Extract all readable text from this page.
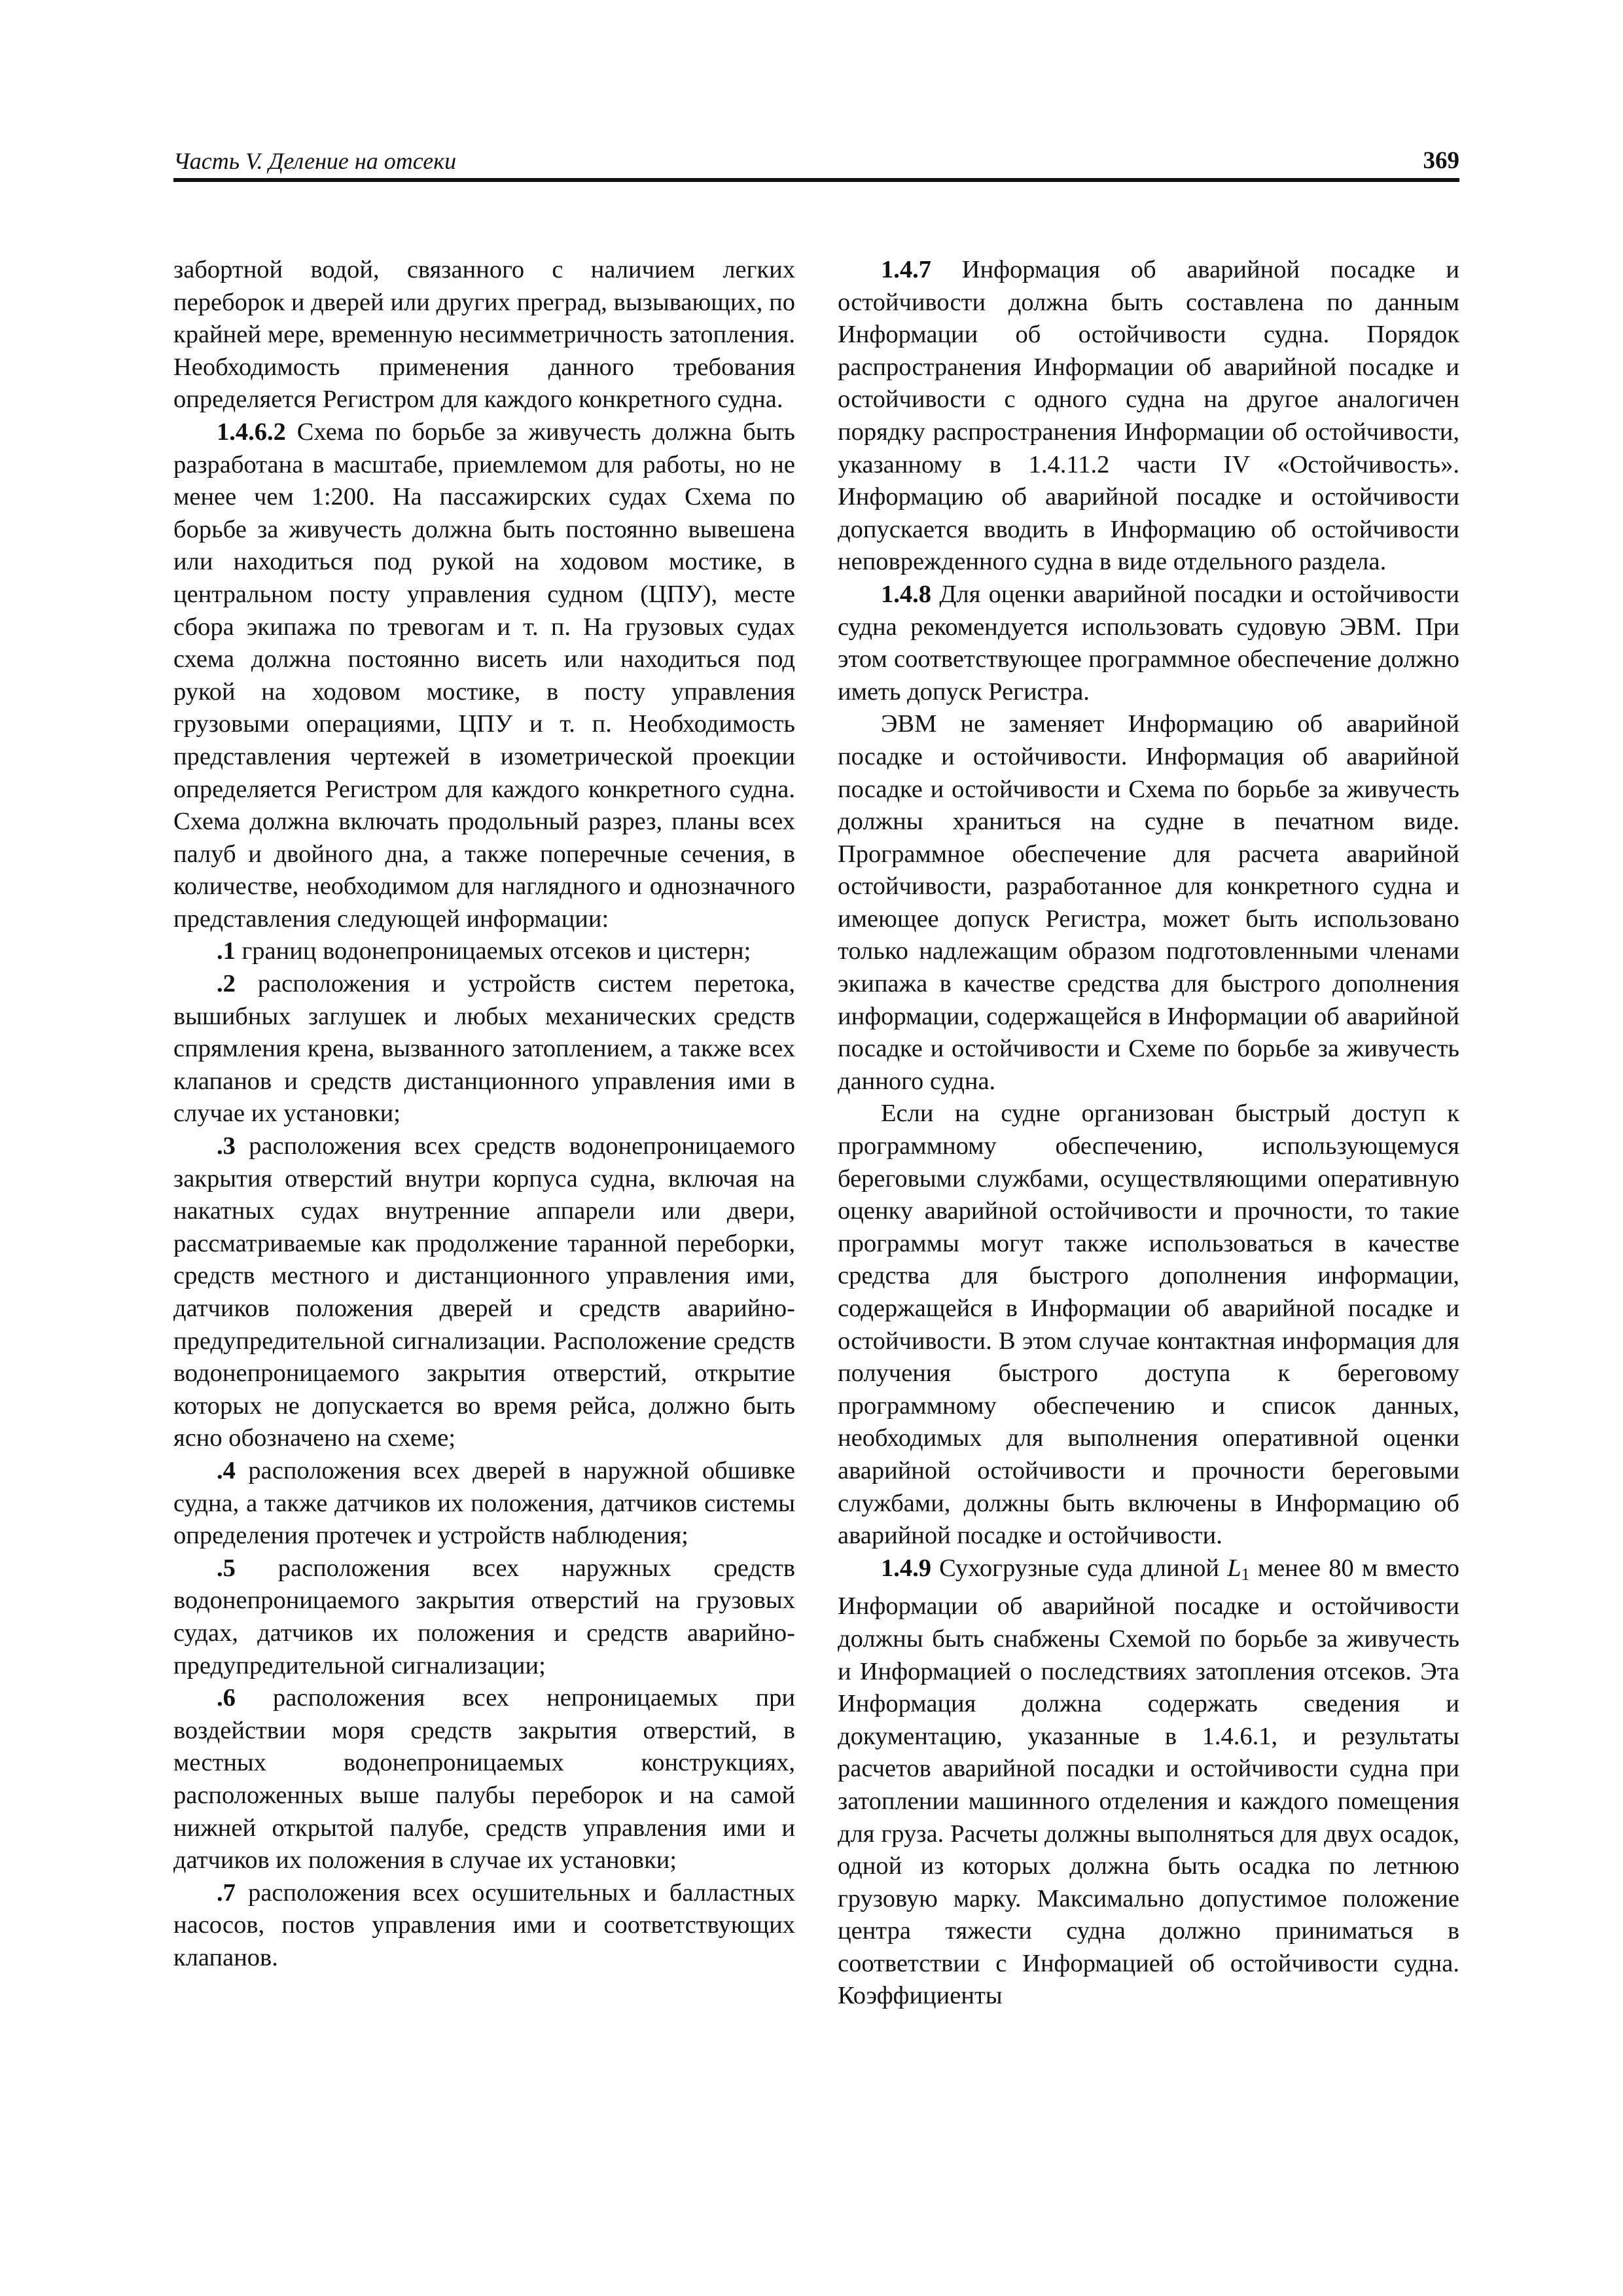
Часть V. Деление на отсеки	369

забортной водой, связанного с наличием легких переборок и дверей или других преград, вызывающих, по крайней мере, временную несимметричность затопления. Необходимость применения данного требования определяется Регистром для каждого конкретного судна.

1.4.6.2 Схема по борьбе за живучесть должна быть разработана в масштабе, приемлемом для работы, но не менее чем 1:200. На пассажирских судах Схема по борьбе за живучесть должна быть постоянно вывешена или находиться под рукой на ходовом мостике, в центральном посту управления судном (ЦПУ), месте сбора экипажа по тревогам и т. п. На грузовых судах схема должна постоянно висеть или находиться под рукой на ходовом мостике, в посту управления грузовыми операциями, ЦПУ и т. п. Необходимость представления чертежей в изометрической проекции определяется Регистром для каждого конкретного судна. Схема должна включать продольный разрез, планы всех палуб и двойного дна, а также поперечные сечения, в количестве, необходимом для наглядного и однозначного представления следующей информации:

.1 границ водонепроницаемых отсеков и цистерн;

.2 расположения и устройств систем перетока, вышибных заглушек и любых механических средств спрямления крена, вызванного затоплением, а также всех клапанов и средств дистанционного управления ими в случае их установки;

.3 расположения всех средств водонепроницаемого закрытия отверстий внутри корпуса судна, включая на накатных судах внутренние аппарели или двери, рассматриваемые как продолжение таранной переборки, средств местного и дистанционного управления ими, датчиков положения дверей и средств аварийно-предупредительной сигнализации. Расположение средств водонепроницаемого закрытия отверстий, открытие которых не допускается во время рейса, должно быть ясно обозначено на схеме;

.4 расположения всех дверей в наружной обшивке судна, а также датчиков их положения, датчиков системы определения протечек и устройств наблюдения;

.5 расположения всех наружных средств водонепроницаемого закрытия отверстий на грузовых судах, датчиков их положения и средств аварийно-предупредительной сигнализации;

.6 расположения всех непроницаемых при воздействии моря средств закрытия отверстий, в местных водонепроницаемых конструкциях, расположенных выше палубы переборок и на самой нижней открытой палубе, средств управления ими и датчиков их положения в случае их установки;

.7 расположения всех осушительных и балластных насосов, постов управления ими и соответствующих клапанов.

1.4.7 Информация об аварийной посадке и остойчивости должна быть составлена по данным Информации об остойчивости судна. Порядок распространения Информации об аварийной посадке и остойчивости с одного судна на другое аналогичен порядку распространения Информации об остойчивости, указанному в 1.4.11.2 части IV «Остойчивость». Информацию об аварийной посадке и остойчивости допускается вводить в Информацию об остойчивости неповрежденного судна в виде отдельного раздела.

1.4.8 Для оценки аварийной посадки и остойчивости судна рекомендуется использовать судовую ЭВМ. При этом соответствующее программное обеспечение должно иметь допуск Регистра.

ЭВМ не заменяет Информацию об аварийной посадке и остойчивости. Информация об аварийной посадке и остойчивости и Схема по борьбе за живучесть должны храниться на судне в печатном виде. Программное обеспечение для расчета аварийной остойчивости, разработанное для конкретного судна и имеющее допуск Регистра, может быть использовано только надлежащим образом подготовленными членами экипажа в качестве средства для быстрого дополнения информации, содержащейся в Информации об аварийной посадке и остойчивости и Схеме по борьбе за живучесть данного судна.

Если на судне организован быстрый доступ к программному обеспечению, использующемуся береговыми службами, осуществляющими оперативную оценку аварийной остойчивости и прочности, то такие программы могут также использоваться в качестве средства для быстрого дополнения информации, содержащейся в Информации об аварийной посадке и остойчивости. В этом случае контактная информация для получения быстрого доступа к береговому программному обеспечению и список данных, необходимых для выполнения оперативной оценки аварийной остойчивости и прочности береговыми службами, должны быть включены в Информацию об аварийной посадке и остойчивости.

1.4.9 Сухогрузные суда длиной $L_1$ менее 80 м вместо Информации об аварийной посадке и остойчивости должны быть снабжены Схемой по борьбе за живучесть и Информацией о последствиях затопления отсеков. Эта Информация должна содержать сведения и документацию, указанные в 1.4.6.1, и результаты расчетов аварийной посадки и остойчивости судна при затоплении машинного отделения и каждого помещения для груза. Расчеты должны выполняться для двух осадок, одной из которых должна быть осадка по летнюю грузовую марку. Максимально допустимое положение центра тяжести судна должно приниматься в соответствии с Информацией об остойчивости судна. Коэффициенты
